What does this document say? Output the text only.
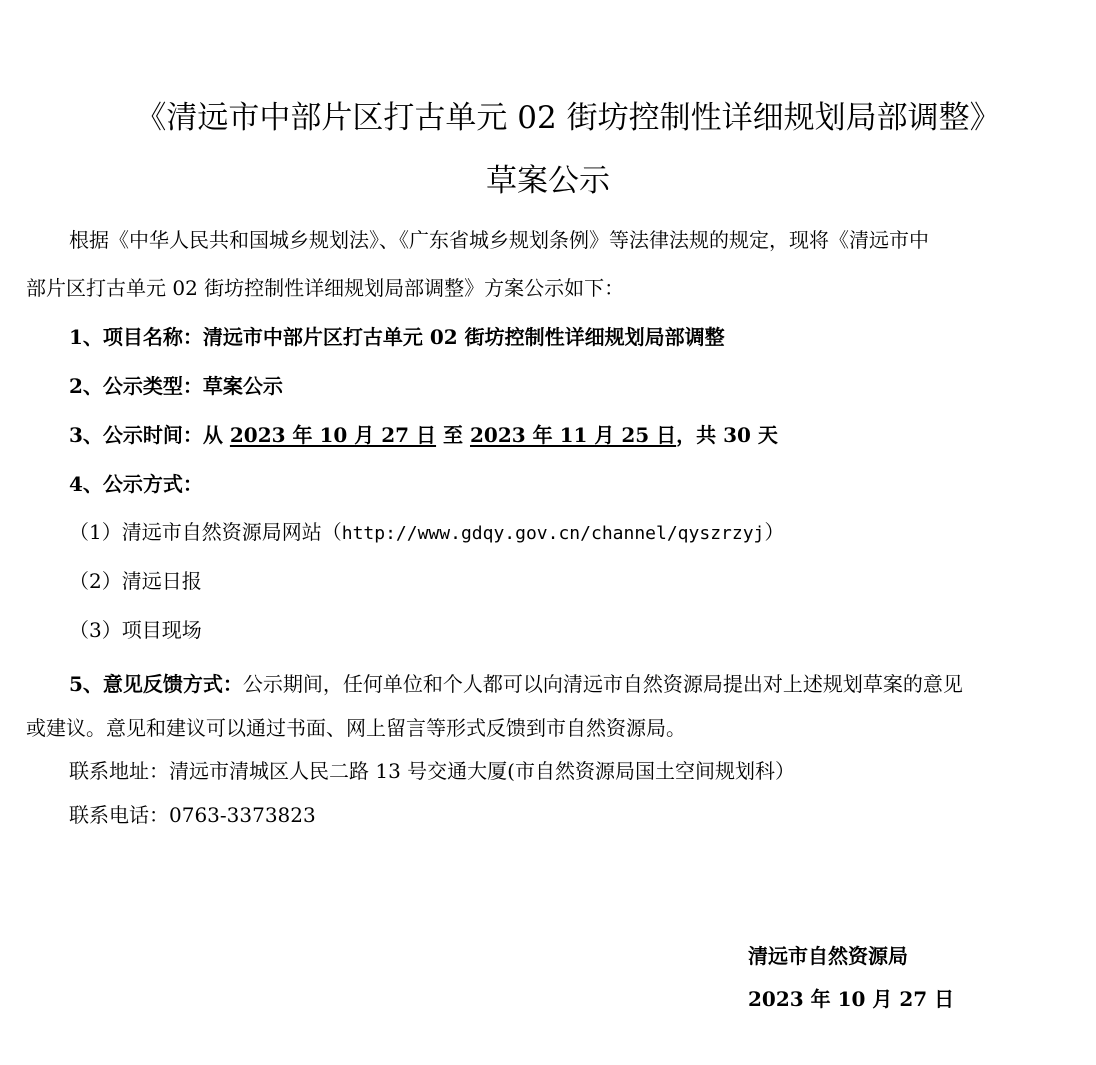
《清远市中部片区打古单元 02 街坊控制性详细规划局部调整》
草案公示
根据《中华人民共和国城乡规划法》、《广东省城乡规划条例》等法律法规的规定，现将《清远市中
部片区打古单元 02 街坊控制性详细规划局部调整》方案公示如下：
1、项目名称：清远市中部片区打古单元 02 街坊控制性详细规划局部调整
2、公示类型：草案公示
3、公示时间：从 2023 年 10 月 27 日 至 2023 年 11 月 25 日，共 30 天
4、公示方式：
（1）清远市自然资源局网站（http://www.gdqy.gov.cn/channel/qyszrzyj）
（2）清远日报
（3）项目现场
5、意见反馈方式：公示期间，任何单位和个人都可以向清远市自然资源局提出对上述规划草案的意见
或建议。意见和建议可以通过书面、网上留言等形式反馈到市自然资源局。
联系地址：清远市清城区人民二路 13 号交通大厦(市自然资源局国土空间规划科）
联系电话：0763-3373823
清远市自然资源局
2023 年 10 月 27 日
